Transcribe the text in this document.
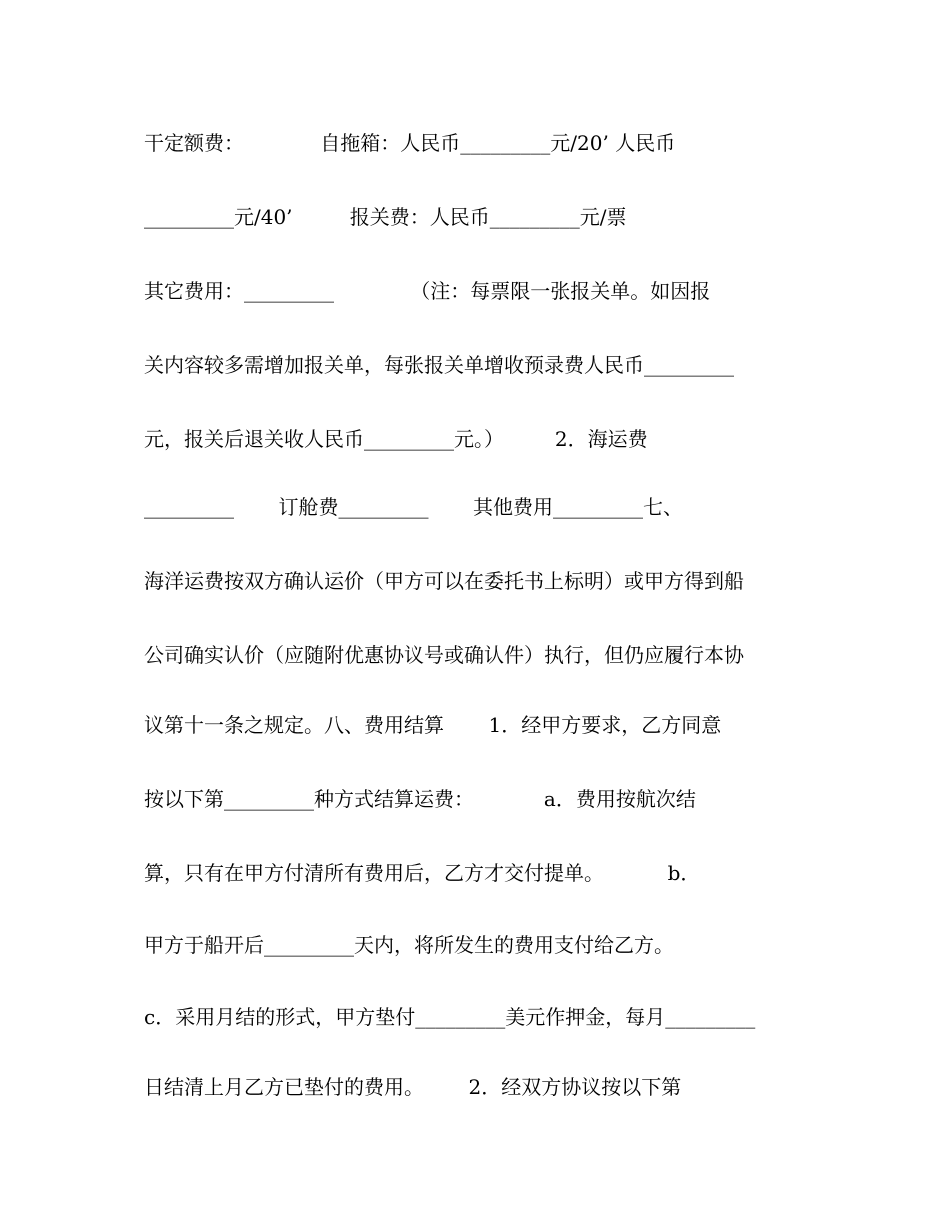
干定额费：            自拖箱：人民币_________元/20’ 人民币

_________元/40’         报关费：人民币_________元/票

其它费用：_________            （注：每票限一张报关单。如因报

关内容较多需增加报关单，每张报关单增收预录费人民币_________

元，报关后退关收人民币_________元。）        2．海运费

_________       订舱费_________       其他费用_________七、

海洋运费按双方确认运价（甲方可以在委托书上标明）或甲方得到船

公司确实认价（应随附优惠协议号或确认件）执行，但仍应履行本协

议第十一条之规定。八、费用结算       1．经甲方要求，乙方同意

按以下第_________种方式结算运费：           a．费用按航次结

算，只有在甲方付清所有费用后，乙方才交付提单。          b．

甲方于船开后_________天内，将所发生的费用支付给乙方。

c．采用月结的形式，甲方垫付_________美元作押金，每月_________

日结清上月乙方已垫付的费用。       2．经双方协议按以下第
